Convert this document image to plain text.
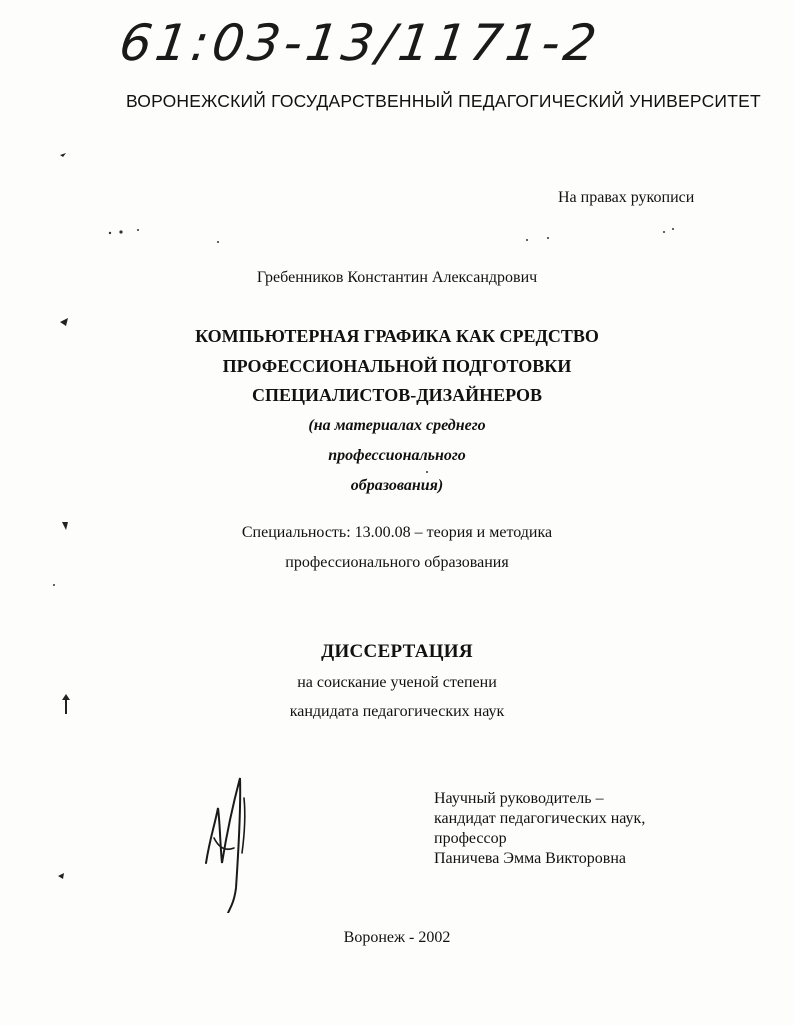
61:03-13/1171-2
ВОРОНЕЖСКИЙ ГОСУДАРСТВЕННЫЙ ПЕДАГОГИЧЕСКИЙ УНИВЕРСИТЕТ
На правах рукописи
Гребенников Константин Александрович
КОМПЬЮТЕРНАЯ ГРАФИКА КАК СРЕДСТВО
ПРОФЕССИОНАЛЬНОЙ ПОДГОТОВКИ
СПЕЦИАЛИСТОВ-ДИЗАЙНЕРОВ
(на материалах среднего
профессионального
образования)
Специальность: 13.00.08 – теория и методика
профессионального образования
ДИССЕРТАЦИЯ
на соискание ученой степени
кандидата педагогических наук
Научный руководитель –
кандидат педагогических наук,
профессор
Паничева Эмма Викторовна
Воронеж - 2002
